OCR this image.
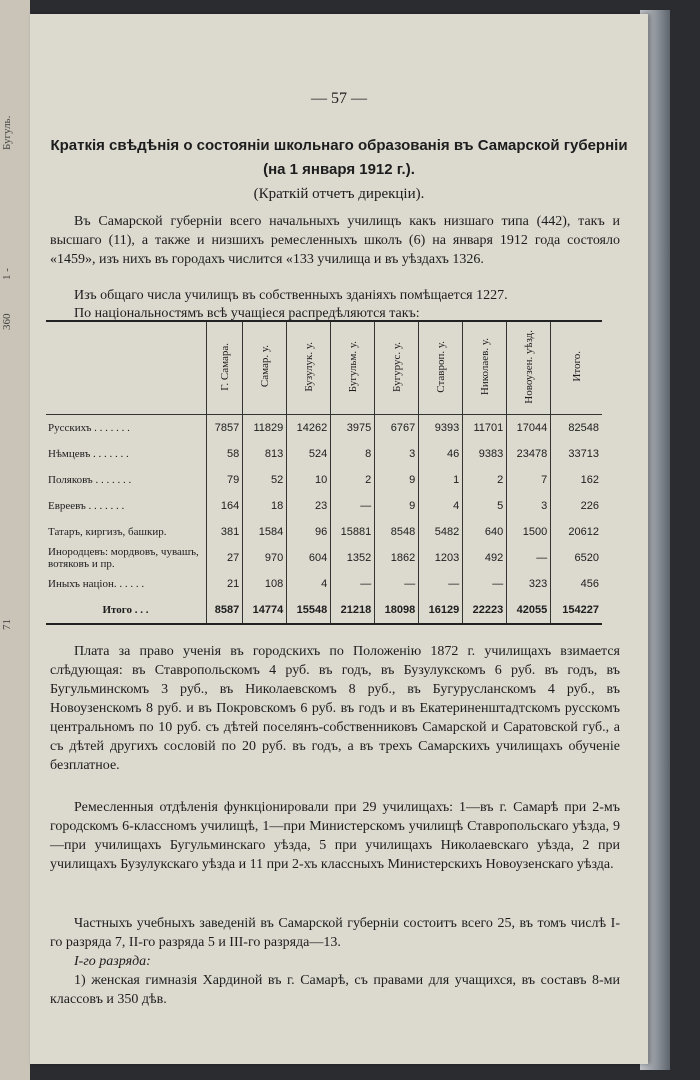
Бугуль.
1 -
360
71
— 57 —
Краткія свѣдѣнія о состояніи школьнаго образованія въ Самарской губерніи
(на 1 января 1912 г.).
(Краткій отчетъ дирекціи).

Въ Самарской губерніи всего начальныхъ училищъ какъ низшаго типа (442), такъ и высшаго (11), а также и низшихъ ремесленныхъ школъ (6) на января 1912 года состояло «1459», изъ нихъ въ городахъ числится «133 училища и въ уѣздахъ 1326.

Изъ общаго числа училищъ въ собственныхъ зданіяхъ помѣщается 1227.

По національностямъ всѣ учащіеся распредѣляются такъ:

	Г. Самара.	Самар. у.	Бузулук. у.	Бугульм. у.	Бугурус. у.	Ставроп. у.	Николаев. у.	Новоузен. уѣзд.	Итого.
Русскихъ . . . . . . .	7857	11829	14262	3975	6767	9393	11701	17044	82548
Нѣмцевъ . . . . . . .	58	813	524	8	3	46	9383	23478	33713
Поляковъ . . . . . . .	79	52	10	2	9	1	2	7	162
Евреевъ . . . . . . .	164	18	23	—	9	4	5	3	226
Татаръ, киргизъ, башкир.	381	1584	96	15881	8548	5482	640	1500	20612
Инородцевъ: мордвовъ, чувашъ, вотяковъ и пр.	27	970	604	1352	1862	1203	492	—	6520
Иныхъ націон. . . . . .	21	108	4	—	—	—	—	323	456
Итого . . .	8587	14774	15548	21218	18098	16129	22223	42055	154227

Плата за право ученія въ городскихъ по Положенію 1872 г. училищахъ взимается слѣдующая: въ Ставропольскомъ 4 руб. въ годъ, въ Бузулукскомъ 6 руб. въ годъ, въ Бугульминскомъ 3 руб., въ Николаевскомъ 8 руб., въ Бугурусланскомъ 4 руб., въ Новоузенскомъ 8 руб. и въ Покровскомъ 6 руб. въ годъ и въ Екатериненштадтскомъ русскомъ центральномъ по 10 руб. съ дѣтей поселянъ-собственниковъ Самарской и Саратовской губ., а съ дѣтей другихъ сословій по 20 руб. въ годъ, а въ трехъ Самарскихъ училищахъ обученіе безплатное.

Ремесленныя отдѣленія функціонировали при 29 училищахъ: 1—въ г. Самарѣ при 2-мъ городскомъ 6-классномъ училищѣ, 1—при Министерскомъ училищѣ Ставропольскаго уѣзда, 9—при училищахъ Бугульминскаго уѣзда, 5 при училищахъ Николаевскаго уѣзда, 2 при училищахъ Бузулукскаго уѣзда и 11 при 2-хъ классныхъ Министерскихъ Новоузенскаго уѣзда.

Частныхъ учебныхъ заведеній въ Самарской губерніи состоитъ всего 25, въ томъ числѣ I-го разряда 7, II-го разряда 5 и III-го разряда—13.

I-го разряда:

1) женская гимназія Хардиной въ г. Самарѣ, съ правами для учащихся, въ составъ 8-ми классовъ и 350 дѣв.
